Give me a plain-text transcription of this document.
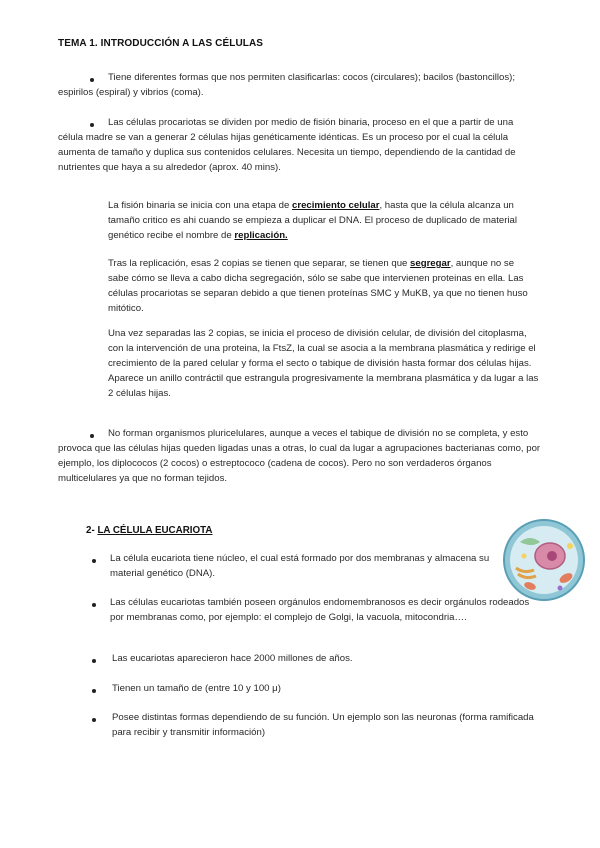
TEMA 1. INTRODUCCIÓN A LAS CÉLULAS

Tiene diferentes formas que nos permiten clasificarlas: cocos (circulares); bacilos (bastoncillos); espirilos (espiral) y vibrios (coma).

Las células procariotas se dividen por medio de fisión binaria, proceso en el que a partir de una célula madre se van a generar 2 células hijas genéticamente idénticas. Es un proceso por el cual la célula aumenta de tamaño y duplica sus contenidos celulares. Necesita un tiempo, dependiendo de la cantidad de nutrientes que haya a su alrededor (aprox. 40 mins).

La fisión binaria se inicia con una etapa de crecimiento celular, hasta que la célula alcanza un tamaño critico es ahi cuando se empieza a duplicar el DNA. El proceso de duplicado de material genético recibe el nombre de replicación.

Tras la replicación, esas 2 copias se tienen que separar, se tienen que segregar, aunque no se sabe cómo se lleva a cabo dicha segregación, sólo se sabe que intervienen proteinas en ella. Las células procariotas se separan debido a que tienen proteínas SMC y MuKB, ya que no tienen huso mitótico.

Una vez separadas las 2 copias, se inicia el proceso de división celular, de división del citoplasma, con la intervención de una proteina, la FtsZ, la cual se asocia a la membrana plasmática y redirige el crecimiento de la pared celular y forma el secto o tabique de división hasta formar dos células hijas. Aparece un anillo contráctil que estrangula progresivamente la membrana plasmática y da lugar a las 2 células hijas.

No forman organismos pluricelulares, aunque a veces el tabique de división no se completa, y esto provoca que las células hijas queden ligadas unas a otras, lo cual da lugar a agrupaciones bacterianas como, por ejemplo, los diplococos (2 cocos) o estreptococo (cadena de cocos). Pero no son verdaderos órganos multicelulares ya que no forman tejidos.

2- LA CÉLULA EUCARIOTA

La célula eucariota tiene núcleo, el cual está formado por dos membranas y almacena su material genético (DNA).

Las células eucariotas también poseen orgánulos endomembranosos es decir orgánulos rodeados por membranas como, por ejemplo: el complejo de Golgi, la vacuola, mitocondria….

Las eucariotas aparecieron hace 2000 millones de años.

Tienen un tamaño de (entre 10 y 100 μ)

Posee distintas formas dependiendo de su función. Un ejemplo son las neuronas (forma ramificada para recibir y transmitir información)
